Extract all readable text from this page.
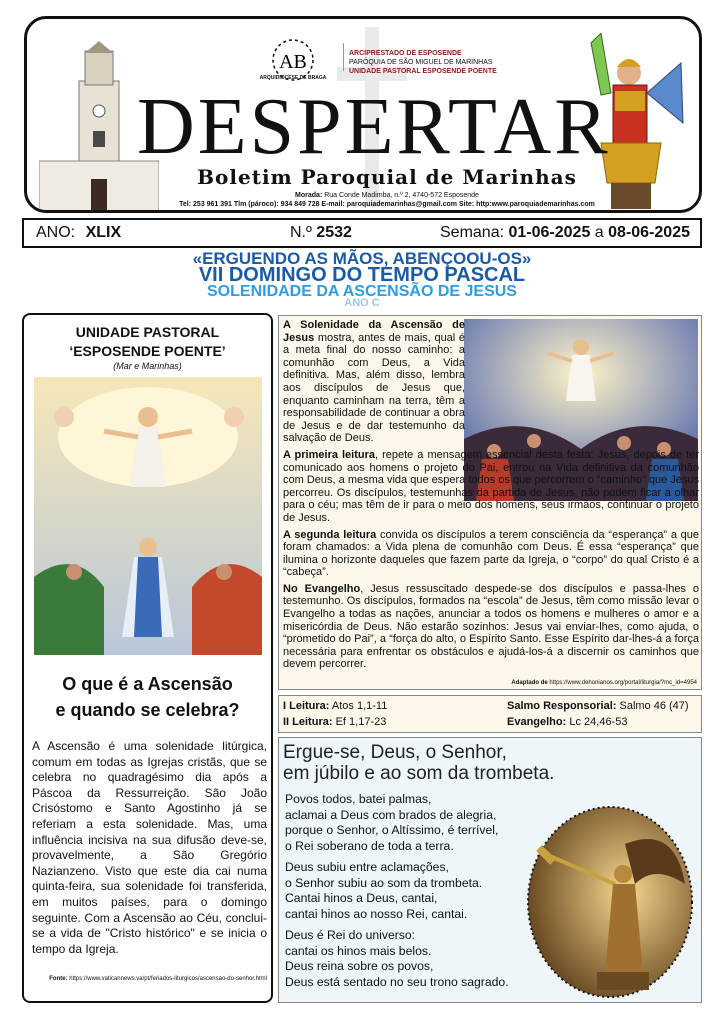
AB
ARQUIDIOCESE DE BRAGA
ARCIPRESTADO DE ESPOSENDE
PARÓQUIA DE SÃO MIGUEL DE MARINHAS
UNIDADE PASTORAL ESPOSENDE POENTE
DESPERTAR
Boletim Paroquial de Marinhas
Morada: Rua Conde Madimba, n.º 2, 4740-572 Esposende
Tel: 253 961 391 Tlm (pároco): 934 849 728 E-mail: paroquiademarinhas@gmail.com Site: http:www.paroquiademarinhas.com
ANO: XLIX	N.º 2532	Semana: 01-06-2025 a 08-06-2025
«ERGUENDO AS MÃOS, ABENÇOOU-OS»
VII DOMINGO DO TEMPO PASCAL
SOLENIDADE DA ASCENSÃO DE JESUS
ANO C
UNIDADE PASTORAL
‘ESPOSENDE POENTE’
(Mar e Marinhas)
O que é a Ascensão
e quando se celebra?
A Ascensão é uma solenidade litúrgica, comum em todas as Igrejas cristãs, que se celebra no quadragésimo dia após a Páscoa da Ressurreição. São João Crisóstomo e Santo Agostinho já se referiam a esta solenidade. Mas, uma influência incisiva na sua difusão deve-se, provavelmente, a São Gregório Nazianzeno. Visto que este dia cai numa quinta-feira, sua solenidade foi transferida, em muitos países, para o domingo seguinte. Com a Ascensão ao Céu, conclui-se a vida de "Cristo histórico" e se inicia o tempo da Igreja.
Fonte: https://www.vaticannews.va/pt/feriados-liturgicos/ascensao-do-senhor.html

A Solenidade da Ascensão de Jesus mostra, antes de mais, qual é a meta final do nosso caminho: a comunhão com Deus, a Vida definitiva. Mas, além disso, lembra aos discípulos de Jesus que, enquanto caminham na terra, têm a responsabilidade de continuar a obra de Jesus e de dar testemunho da salvação de Deus.

A primeira leitura, repete a mensagem essencial desta festa: Jesus, depois de ter comunicado aos homens o projeto do Pai, entrou na Vida definitiva da comunhão com Deus, a mesma vida que espera todos os que percorrem o “caminho” que Jesus percorreu. Os discípulos, testemunhas da partida de Jesus, não podem ficar a olhar para o céu; mas têm de ir para o meio dos homens, seus irmãos, continuar o projeto de Jesus.

A segunda leitura convida os discípulos a terem consciência da “esperança” a que foram chamados: a Vida plena de comunhão com Deus. É essa “esperança” que ilumina o horizonte daqueles que fazem parte da Igreja, o “corpo” do qual Cristo é a “cabeça”.

No Evangelho, Jesus ressuscitado despede-se dos discípulos e passa-lhes o testemunho. Os discípulos, formados na “escola” de Jesus, têm como missão levar o Evangelho a todas as nações, anunciar a todos os homens e mulheres o amor e a misericórdia de Deus. Não estarão sozinhos: Jesus vai enviar-lhes, como ajuda, o “prometido do Pai”, a “força do alto, o Espírito Santo. Esse Espírito dar-lhes-á a força necessária para enfrentar os obstáculos e ajudá-los-á a discernir os caminhos que devem percorrer.

Adaptado de https://www.dehonianos.org/portal/liturgia/?mc_id=4954
I Leitura: Atos 1,1-11
II Leitura: Ef 1,17-23
Salmo Responsorial: Salmo 46 (47)
Evangelho: Lc 24,46-53
Ergue-se, Deus, o Senhor,
em júbilo e ao som da trombeta.

Povos todos, batei palmas,
aclamai a Deus com brados de alegria,
porque o Senhor, o Altíssimo, é terrível,
o Rei soberano de toda a terra.

Deus subiu entre aclamações,
o Senhor subiu ao som da trombeta.
Cantai hinos a Deus, cantai,
cantai hinos ao nosso Rei, cantai.

Deus é Rei do universo:
cantai os hinos mais belos.
Deus reina sobre os povos,
Deus está sentado no seu trono sagrado.
